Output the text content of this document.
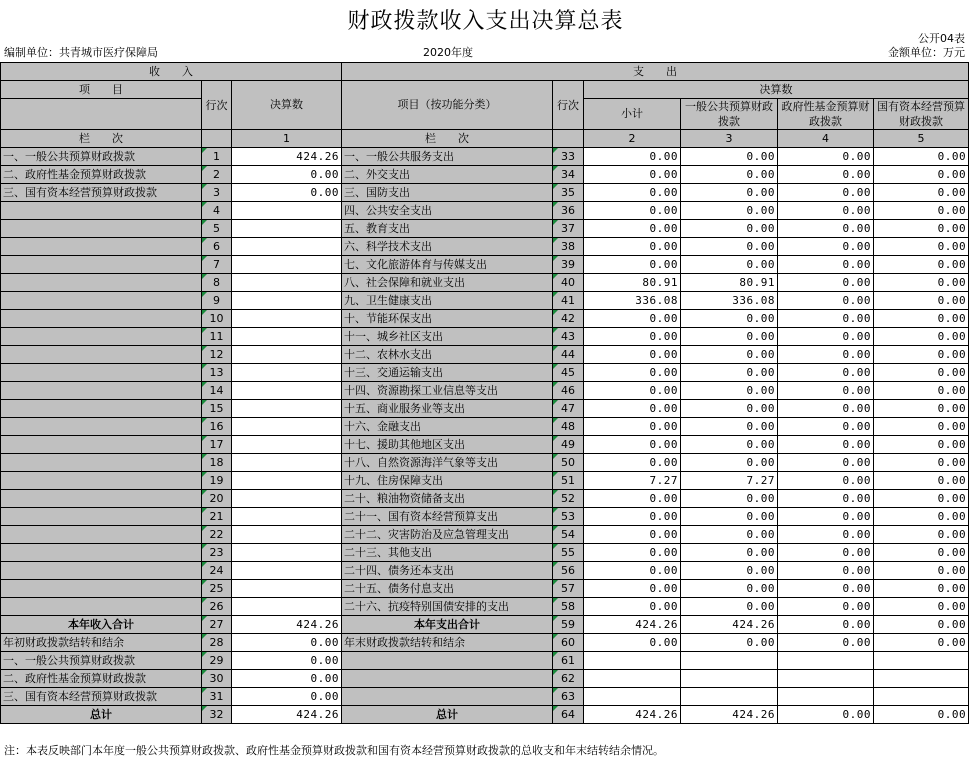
财政拨款收入支出决算总表
公开04表
编制单位：共青城市医疗保障局	2020年度	金额单位：万元
收　　入			支　　出					
项　　目	行次	决算数	项目（按功能分类）	行次	决算数			
					小计	一般公共预算财政拨款	政府性基金预算财政拨款	国有资本经营预算财政拨款
栏　　次		1	栏　　次		2	3	4	5
一、一般公共预算财政拨款	1	424.26	一、一般公共服务支出	33	0.00	0.00	0.00	0.00
二、政府性基金预算财政拨款	2	0.00	二、外交支出	34	0.00	0.00	0.00	0.00
三、国有资本经营预算财政拨款	3	0.00	三、国防支出	35	0.00	0.00	0.00	0.00
	4		四、公共安全支出	36	0.00	0.00	0.00	0.00
	5		五、教育支出	37	0.00	0.00	0.00	0.00
	6		六、科学技术支出	38	0.00	0.00	0.00	0.00
	7		七、文化旅游体育与传媒支出	39	0.00	0.00	0.00	0.00
	8		八、社会保障和就业支出	40	80.91	80.91	0.00	0.00
	9		九、卫生健康支出	41	336.08	336.08	0.00	0.00
	10		十、节能环保支出	42	0.00	0.00	0.00	0.00
	11		十一、城乡社区支出	43	0.00	0.00	0.00	0.00
	12		十二、农林水支出	44	0.00	0.00	0.00	0.00
	13		十三、交通运输支出	45	0.00	0.00	0.00	0.00
	14		十四、资源勘探工业信息等支出	46	0.00	0.00	0.00	0.00
	15		十五、商业服务业等支出	47	0.00	0.00	0.00	0.00
	16		十六、金融支出	48	0.00	0.00	0.00	0.00
	17		十七、援助其他地区支出	49	0.00	0.00	0.00	0.00
	18		十八、自然资源海洋气象等支出	50	0.00	0.00	0.00	0.00
	19		十九、住房保障支出	51	7.27	7.27	0.00	0.00
	20		二十、粮油物资储备支出	52	0.00	0.00	0.00	0.00
	21		二十一、国有资本经营预算支出	53	0.00	0.00	0.00	0.00
	22		二十二、灾害防治及应急管理支出	54	0.00	0.00	0.00	0.00
	23		二十三、其他支出	55	0.00	0.00	0.00	0.00
	24		二十四、债务还本支出	56	0.00	0.00	0.00	0.00
	25		二十五、债务付息支出	57	0.00	0.00	0.00	0.00
	26		二十六、抗疫特别国债安排的支出	58	0.00	0.00	0.00	0.00
本年收入合计	27	424.26	本年支出合计	59	424.26	424.26	0.00	0.00
年初财政拨款结转和结余	28	0.00	年末财政拨款结转和结余	60	0.00	0.00	0.00	0.00
一、一般公共预算财政拨款	29	0.00		61				
二、政府性基金预算财政拨款	30	0.00		62				
三、国有资本经营预算财政拨款	31	0.00		63				
总计	32	424.26	总计	64	424.26	424.26	0.00	0.00
注：本表反映部门本年度一般公共预算财政拨款、政府性基金预算财政拨款和国有资本经营预算财政拨款的总收支和年末结转结余情况。
